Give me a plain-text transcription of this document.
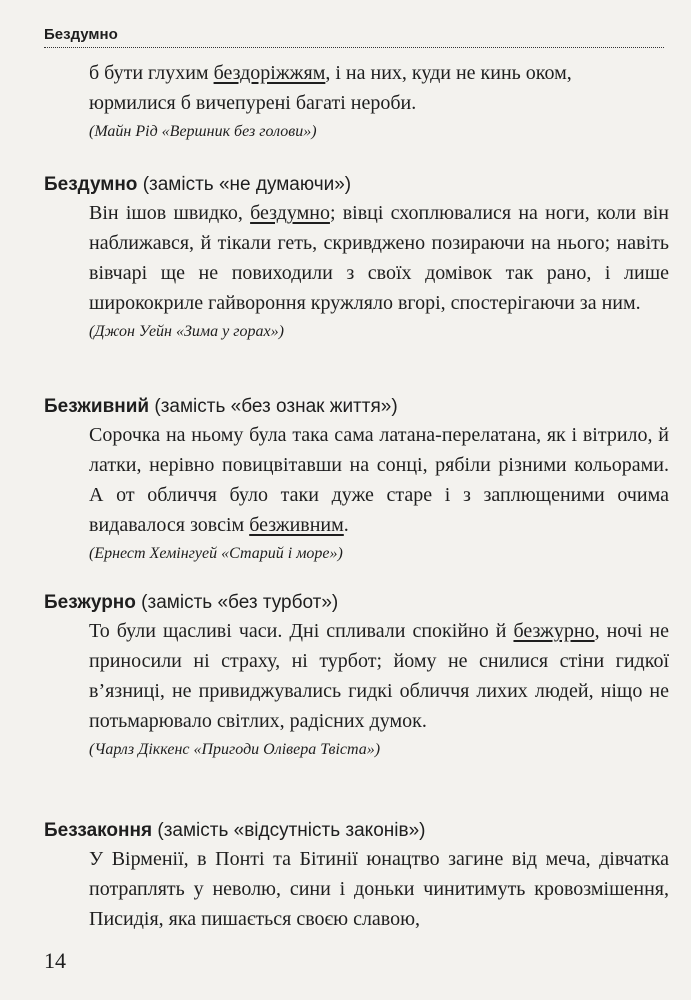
Бездумно
б бути глухим бездоріжжям, і на них, куди не кинь оком,
юрмилися б вичепурені багаті нероби.
(Майн Рід «Вершник без голови»)
Бездумно (замість «не думаючи»)
Він ішов швидко, бездумно; вівці схоплювалися на ноги, коли він наближався, й тікали геть, скривджено позираючи на нього; навіть вівчарі ще не повиходили з своїх домівок так рано, і лише ширококриле гайвороння кружляло вгорі, спостерігаючи за ним.
(Джон Уейн «Зима у горах»)
Безживний (замість «без ознак життя»)
Сорочка на ньому була така сама латана-перелатана, як і вітрило, й латки, нерівно повицвітавши на сонці, рябіли різними кольорами. А от обличчя було таки дуже старе і з заплющеними очима видавалося зовсім безживним.
(Ернест Хемінгуей «Старий і море»)
Безжурно (замість «без турбот»)
То були щасливі часи. Дні спливали спокійно й безжурно, ночі не приносили ні страху, ні турбот; йому не снилися стіни гидкої в’язниці, не привиджувались гидкі обличчя лихих людей, ніщо не потьмарювало світлих, радісних думок.
(Чарлз Діккенс «Пригоди Олівера Твіста»)
Беззаконня (замість «відсутність законів»)
У Вірменії, в Понті та Бітинії юнацтво загине від меча, дівчатка потраплять у неволю, сини і доньки чинитимуть кровозмішення, Писидія, яка пишається своєю славою,
14
